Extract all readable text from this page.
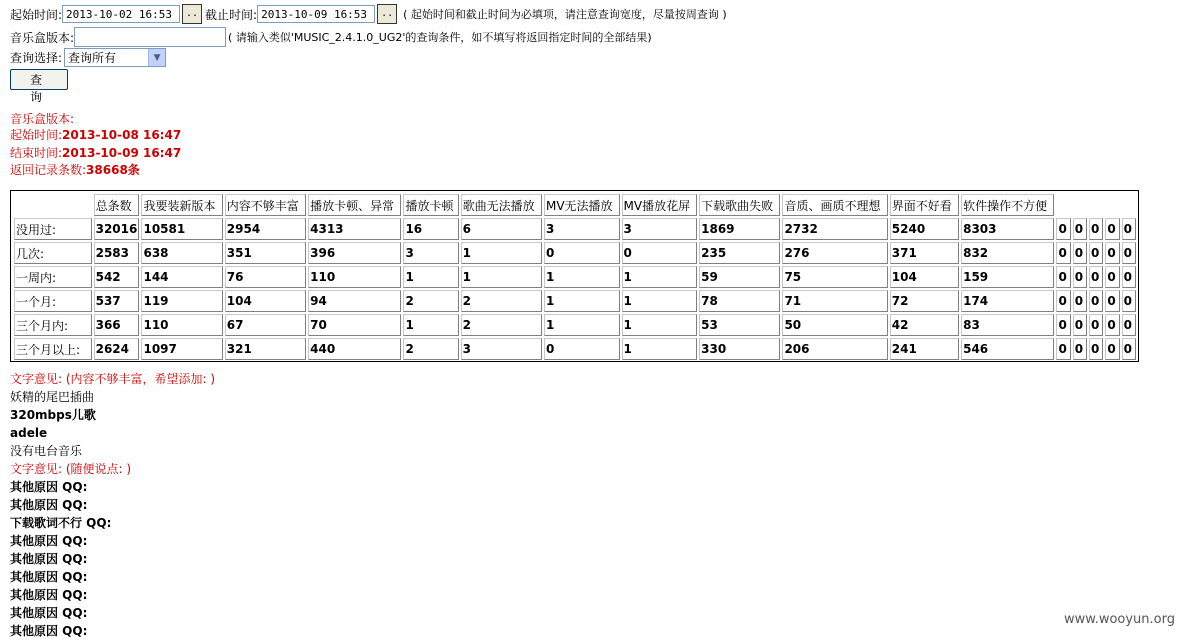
起始时间:
2013-10-02 16:53	.. 截止时间:
2013-10-09 16:53	.. ( 起始时间和截止时间为必填项，请注意查询宽度，尽量按周查询 )
音乐盒版本:	( 请输入类似'MUSIC_2.4.1.0_UG2'的查询条件，如不填写将返回指定时间的全部结果)
查询选择: 查询所有	▼
查 询
音乐盒版本:
起始时间:2013-10-08 16:47
结束时间:2013-10-09 16:47
返回记录条数:38668条
	总条数	我要装新版本	内容不够丰富	播放卡顿、异常	播放卡顿	歌曲无法播放	MV无法播放	MV播放花屏	下载歌曲失败	音质、画质不理想	界面不好看	软件操作不方便					
没用过:	32016	10581	2954	4313	16	6	3	3	1869	2732	5240	8303	0	0	0	0	0
几次:	2583	638	351	396	3	1	0	0	235	276	371	832	0	0	0	0	0
一周内:	542	144	76	110	1	1	1	1	59	75	104	159	0	0	0	0	0
一个月:	537	119	104	94	2	2	1	1	78	71	72	174	0	0	0	0	0
三个月内:	366	110	67	70	1	2	1	1	53	50	42	83	0	0	0	0	0
三个月以上:	2624	1097	321	440	2	3	0	1	330	206	241	546	0	0	0	0	0
文字意见: (内容不够丰富，希望添加: )
妖精的尾巴插曲
320mbps儿歌
adele
没有电台音乐
文字意见: (随便说点: )
其他原因 QQ:
其他原因 QQ:
下载歌词不行 QQ:
其他原因 QQ:
其他原因 QQ:
其他原因 QQ:
其他原因 QQ:
其他原因 QQ:
其他原因 QQ:
www.wooyun.org
